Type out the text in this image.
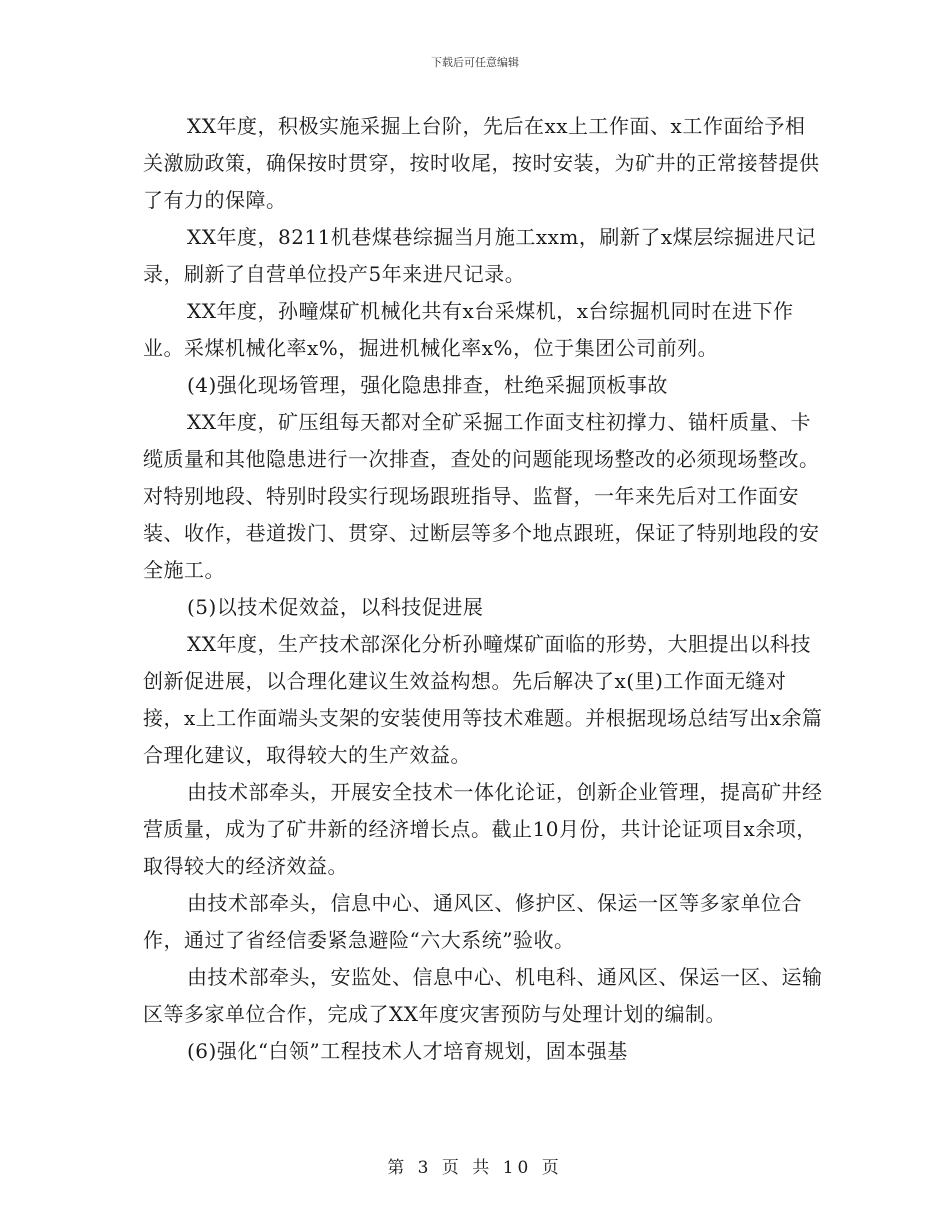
下载后可任意编辑

XX年度，积极实施采掘上台阶，先后在xx上工作面、x工作面给予相关激励政策，确保按时贯穿，按时收尾，按时安装，为矿井的正常接替提供了有力的保障。

XX年度，8211机巷煤巷综掘当月施工xxm，刷新了x煤层综掘进尺记录，刷新了自营单位投产5年来进尺记录。

XX年度，孙疃煤矿机械化共有x台采煤机，x台综掘机同时在进下作业。采煤机械化率x%，掘进机械化率x%，位于集团公司前列。

(4)强化现场管理，强化隐患排查，杜绝采掘顶板事故

XX年度，矿压组每天都对全矿采掘工作面支柱初撑力、锚杆质量、卡缆质量和其他隐患进行一次排查，查处的问题能现场整改的必须现场整改。对特别地段、特别时段实行现场跟班指导、监督，一年来先后对工作面安装、收作，巷道拨门、贯穿、过断层等多个地点跟班，保证了特别地段的安全施工。

(5)以技术促效益，以科技促进展

XX年度，生产技术部深化分析孙疃煤矿面临的形势，大胆提出以科技创新促进展，以合理化建议生效益构想。先后解决了x(里)工作面无缝对接，x上工作面端头支架的安装使用等技术难题。并根据现场总结写出x余篇合理化建议，取得较大的生产效益。

由技术部牵头，开展安全技术一体化论证，创新企业管理，提高矿井经营质量，成为了矿井新的经济增长点。截止10月份，共计论证项目x余项，取得较大的经济效益。

由技术部牵头，信息中心、通风区、修护区、保运一区等多家单位合作，通过了省经信委紧急避险“六大系统”验收。

由技术部牵头，安监处、信息中心、机电科、通风区、保运一区、运输区等多家单位合作，完成了XX年度灾害预防与处理计划的编制。

(6)强化“白领”工程技术人才培育规划，固本强基

第 3 页 共 10 页
